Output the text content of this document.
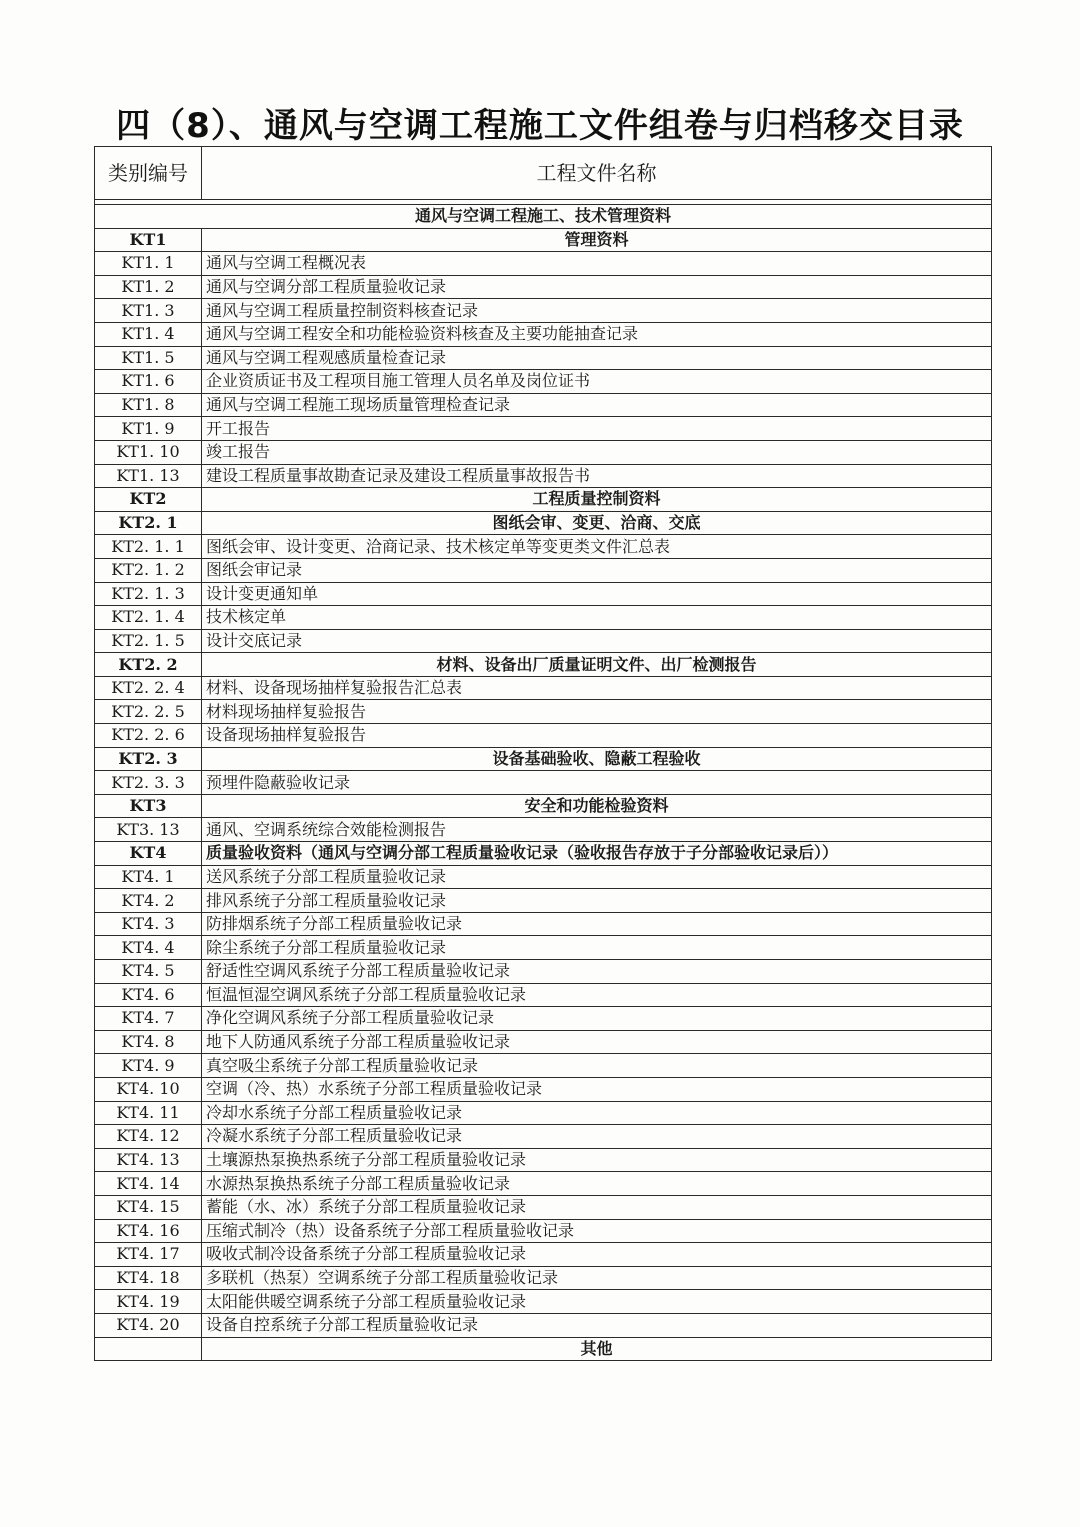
四（8）、通风与空调工程施工文件组卷与归档移交目录
类别编号	工程文件名称

通风与空调工程施工、技术管理资料	
KT1	管理资料
KT1. 1	通风与空调工程概况表
KT1. 2	通风与空调分部工程质量验收记录
KT1. 3	通风与空调工程质量控制资料核查记录
KT1. 4	通风与空调工程安全和功能检验资料核查及主要功能抽查记录
KT1. 5	通风与空调工程观感质量检查记录
KT1. 6	企业资质证书及工程项目施工管理人员名单及岗位证书
KT1. 8	通风与空调工程施工现场质量管理检查记录
KT1. 9	开工报告
KT1. 10	竣工报告
KT1. 13	建设工程质量事故勘查记录及建设工程质量事故报告书
KT2	工程质量控制资料
KT2. 1	图纸会审、变更、洽商、交底
KT2. 1. 1	图纸会审、设计变更、洽商记录、技术核定单等变更类文件汇总表
KT2. 1. 2	图纸会审记录
KT2. 1. 3	设计变更通知单
KT2. 1. 4	技术核定单
KT2. 1. 5	设计交底记录
KT2. 2	材料、设备出厂质量证明文件、出厂检测报告
KT2. 2. 4	材料、设备现场抽样复验报告汇总表
KT2. 2. 5	材料现场抽样复验报告
KT2. 2. 6	设备现场抽样复验报告
KT2. 3	设备基础验收、隐蔽工程验收
KT2. 3. 3	预埋件隐蔽验收记录
KT3	安全和功能检验资料
KT3. 13	通风、空调系统综合效能检测报告
KT4	质量验收资料（通风与空调分部工程质量验收记录（验收报告存放于子分部验收记录后））
KT4. 1	送风系统子分部工程质量验收记录
KT4. 2	排风系统子分部工程质量验收记录
KT4. 3	防排烟系统子分部工程质量验收记录
KT4. 4	除尘系统子分部工程质量验收记录
KT4. 5	舒适性空调风系统子分部工程质量验收记录
KT4. 6	恒温恒湿空调风系统子分部工程质量验收记录
KT4. 7	净化空调风系统子分部工程质量验收记录
KT4. 8	地下人防通风系统子分部工程质量验收记录
KT4. 9	真空吸尘系统子分部工程质量验收记录
KT4. 10	空调（冷、热）水系统子分部工程质量验收记录
KT4. 11	冷却水系统子分部工程质量验收记录
KT4. 12	冷凝水系统子分部工程质量验收记录
KT4. 13	土壤源热泵换热系统子分部工程质量验收记录
KT4. 14	水源热泵换热系统子分部工程质量验收记录
KT4. 15	蓄能（水、冰）系统子分部工程质量验收记录
KT4. 16	压缩式制冷（热）设备系统子分部工程质量验收记录
KT4. 17	吸收式制冷设备系统子分部工程质量验收记录
KT4. 18	多联机（热泵）空调系统子分部工程质量验收记录
KT4. 19	太阳能供暖空调系统子分部工程质量验收记录
KT4. 20	设备自控系统子分部工程质量验收记录
	其他
